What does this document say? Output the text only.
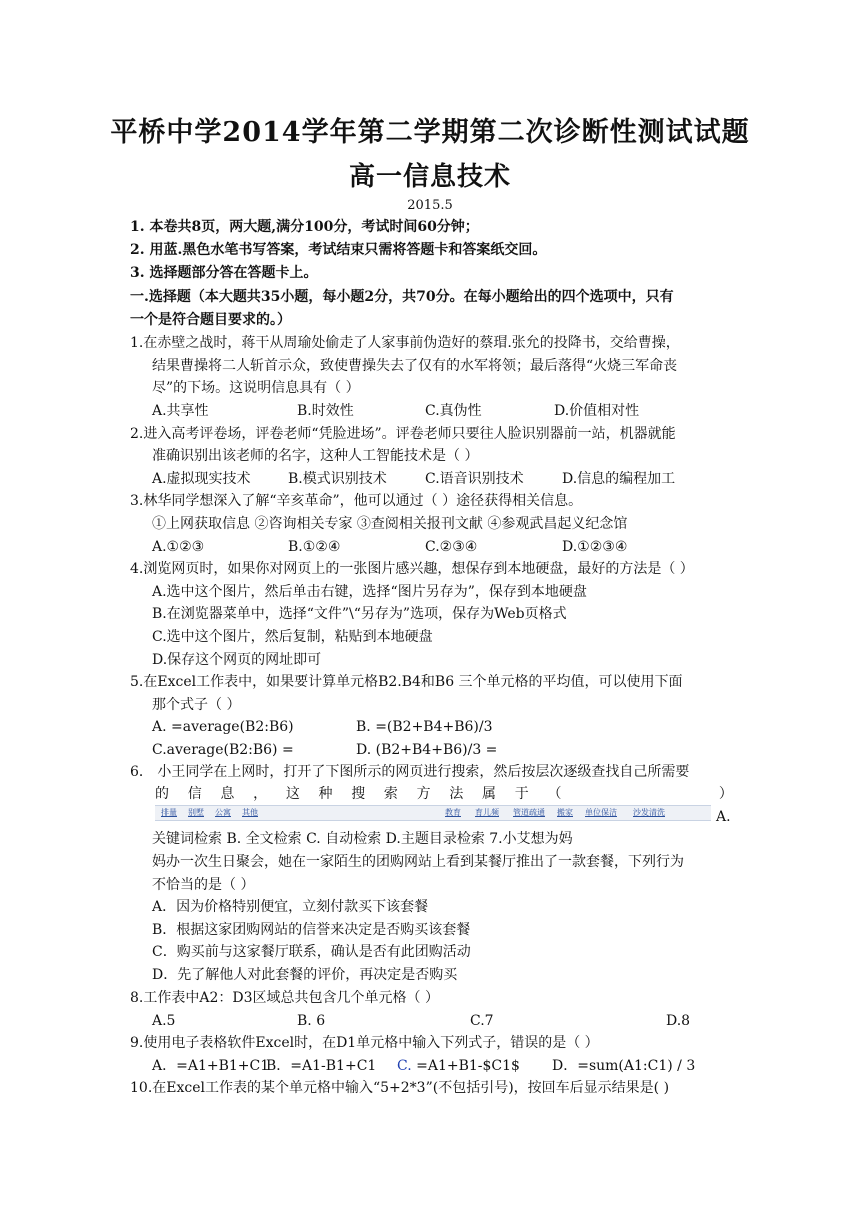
平桥中学2014学年第二学期第二次诊断性测试试题
高一信息技术
2015.5
1. 本卷共8页，两大题,满分100分，考试时间60分钟；
2. 用蓝.黑色水笔书写答案，考试结束只需将答题卡和答案纸交回。
3. 选择题部分答在答题卡上。
一.选择题（本大题共35小题，每小题2分，共70分。在每小题给出的四个选项中，只有
一个是符合题目要求的。）
1.在赤壁之战时，蒋干从周瑜处偷走了人家事前伪造好的蔡瑁.张允的投降书，交给曹操，
结果曹操将二人斩首示众，致使曹操失去了仅有的水军将领；最后落得“火烧三军命丧
尽”的下场。这说明信息具有（ ）
A.共享性	B.时效性	C.真伪性	D.价值相对性
2.进入高考评卷场，评卷老师“凭脸进场”。评卷老师只要往人脸识别器前一站，机器就能
准确识别出该老师的名字，这种人工智能技术是（ ）
A.虚拟现实技术	B.模式识别技术	C.语音识别技术	D.信息的编程加工
3.林华同学想深入了解“辛亥革命”，他可以通过（ ）途径获得相关信息。
①上网获取信息 ②咨询相关专家 ③查阅相关报刊文献 ④参观武昌起义纪念馆
A.①②③	B.①②④	C.②③④	D.①②③④
4.浏览网页时，如果你对网页上的一张图片感兴趣，想保存到本地硬盘，最好的方法是（ ）
A.选中这个图片，然后单击右键，选择“图片另存为”，保存到本地硬盘
B.在浏览器菜单中，选择“文件”\“另存为”选项，保存为Web页格式
C.选中这个图片，然后复制，粘贴到本地硬盘
D.保存这个网页的网址即可
5.在Excel工作表中，如果要计算单元格B2.B4和B6 三个单元格的平均值，可以使用下面
那个式子（ ）
A. =average(B2:B6)	B. =(B2+B4+B6)/3
C.average(B2:B6) =	D. (B2+B4+B6)/3 =
6． 小王同学在上网时，打开了下图所示的网页进行搜索，然后按层次逐级查找自己所需要
的 信 息 ， 这 种 搜 索 方 法 属 于 （	）
排量 别墅 公寓 其他	教育 育儿频 管道疏通 搬家 单位保洁 沙发清洗	A.
关键词检索 B. 全文检索 C. 自动检索 D.主题目录检索 7.小艾想为妈
妈办一次生日聚会，她在一家陌生的团购网站上看到某餐厅推出了一款套餐，下列行为
不恰当的是（ ）
A．因为价格特别便宜，立刻付款买下该套餐
B．根据这家团购网站的信誉来决定是否购买该套餐
C．购买前与这家餐厅联系，确认是否有此团购活动
D．先了解他人对此套餐的评价，再决定是否购买
8.工作表中A2：D3区域总共包含几个单元格（ ）
A.5	B. 6	C.7	D.8
9.使用电子表格软件Excel时，在D1单元格中输入下列式子，错误的是（ ）
A．=A1+B1+C1
B．=A1-B1+C1 C. =A1+B1-$C1$ D．=sum(A1:C1) / 3
10.在Excel工作表的某个单元格中输入“5+2*3”(不包括引号)，按回车后显示结果是( )
